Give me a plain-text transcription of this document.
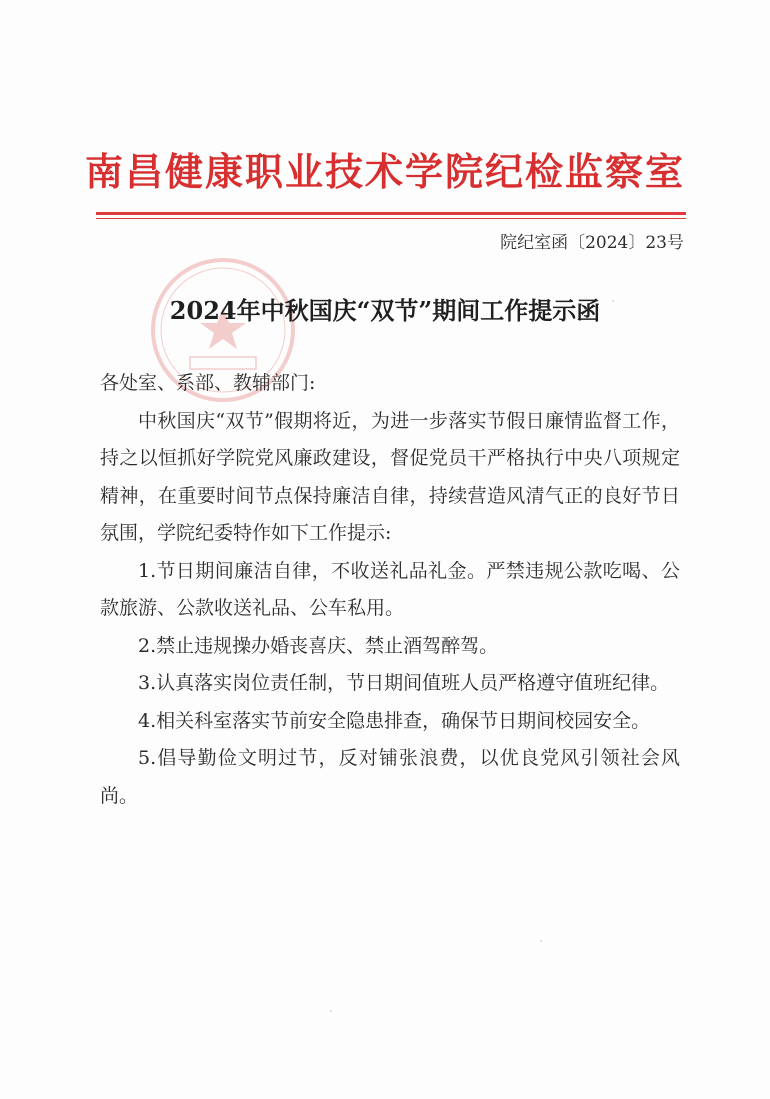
南昌健康职业技术学院纪检监察室
院纪室函〔2024〕23号
2024年中秋国庆“双节”期间工作提示函

各处室、系部、教辅部门:

中秋国庆“双节”假期将近，为进一步落实节假日廉情监督工作，持之以恒抓好学院党风廉政建设，督促党员干严格执行中央八项规定精神，在重要时间节点保持廉洁自律，持续营造风清气正的良好节日氛围，学院纪委特作如下工作提示:

1.节日期间廉洁自律，不收送礼品礼金。严禁违规公款吃喝、公款旅游、公款收送礼品、公车私用。

2.禁止违规操办婚丧喜庆、禁止酒驾醉驾。

3.认真落实岗位责任制，节日期间值班人员严格遵守值班纪律。

4.相关科室落实节前安全隐患排查，确保节日期间校园安全。

5.倡导勤俭文明过节，反对铺张浪费，以优良党风引领社会风尚。
